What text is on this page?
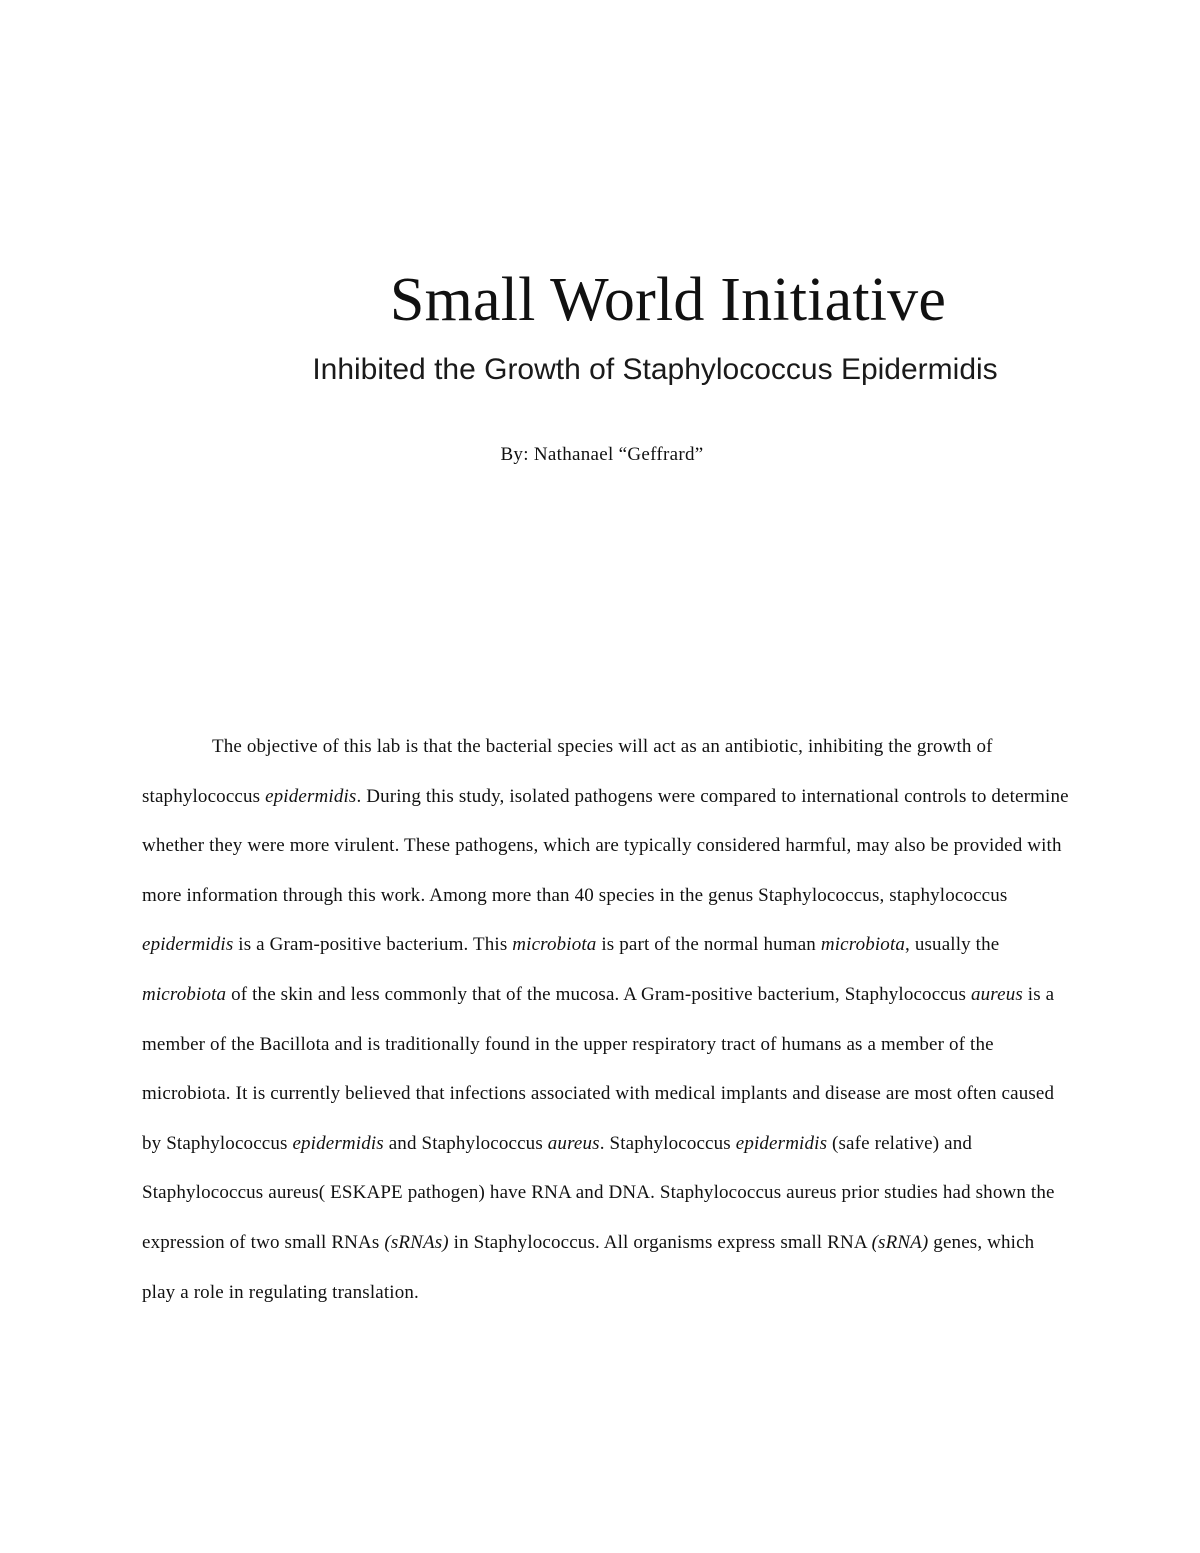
Small World Initiative
Inhibited the Growth of Staphylococcus Epidermidis

By: Nathanael “Geffrard”

The objective of this lab is that the bacterial species will act as an antibiotic, inhibiting the growth of staphylococcus epidermidis. During this study, isolated pathogens were compared to international controls to determine whether they were more virulent. These pathogens, which are typically considered harmful, may also be provided with more information through this work. Among more than 40 species in the genus Staphylococcus, staphylococcus epidermidis is a Gram-positive bacterium. This microbiota is part of the normal human microbiota, usually the microbiota of the skin and less commonly that of the mucosa. A Gram-positive bacterium, Staphylococcus aureus is a member of the Bacillota and is traditionally found in the upper respiratory tract of humans as a member of the microbiota. It is currently believed that infections associated with medical implants and disease are most often caused by Staphylococcus epidermidis and Staphylococcus aureus. Staphylococcus epidermidis (safe relative) and Staphylococcus aureus( ESKAPE pathogen) have RNA and DNA. Staphylococcus aureus prior studies had shown the expression of two small RNAs (sRNAs) in Staphylococcus. All organisms express small RNA (sRNA) genes, which play a role in regulating translation.
